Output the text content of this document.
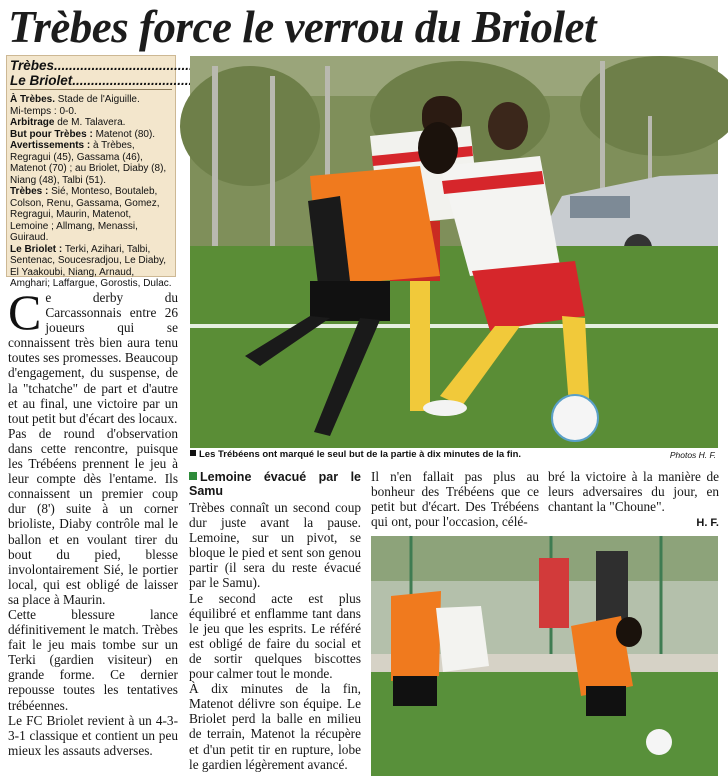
Trèbes force le verrou du Briolet
Trèbes
.....
Le Briolet
.....

À Trèbes. Stade de l'Aiguille.

Mi-temps : 0-0.

Arbitrage de M. Talavera.

But pour Trèbes : Matenot (80).

Avertissements : à Trèbes, Regragui (45), Gassama (46), Matenot (70) ; au Briolet, Diaby (8), Niang (48), Talbi (51).

Trèbes : Sié, Monteso, Boutaleb, Colson, Renu, Gassama, Gomez, Regragui, Maurin, Matenot, Lemoine ; Allmang, Menassi, Guiraud.

Le Briolet : Terki, Azihari, Talbi, Sentenac, Soucesradjou, Le Diaby, El Yaakoubi, Niang, Arnaud, Amghari; Laffargue, Gorostis, Dulac.

Les Trébéens ont marqué le seul but de la partie à dix minutes de la fin.	Photos H. F.

Ce derby du Carcassonnais entre 26 joueurs qui se connaissent très bien aura tenu toutes ses promesses. Beaucoup d'engagement, du suspense, de la "tchatche" de part et d'autre et au final, une victoire par un tout petit but d'écart des locaux.

Pas de round d'observation dans cette rencontre, puisque les Trébéens prennent le jeu à leur compte dès l'entame. Ils connaissent un premier coup dur (8') suite à un corner brioliste, Diaby contrôle mal le ballon et en voulant tirer du bout du pied, blesse involontairement Sié, le portier local, qui est obligé de laisser sa place à Maurin.

Cette blessure lance définitivement le match. Trèbes fait le jeu mais tombe sur un Terki (gardien visiteur) en grande forme. Ce dernier repousse toutes les tentatives trébéennes.

Le FC Briolet revient à un 4-3-3-1 classique et contient un peu mieux les assauts adverses.

Lemoine évacué par le Samu

Trèbes connaît un second coup dur juste avant la pause. Lemoine, sur un pivot, se bloque le pied et sent son genou partir (il sera du reste évacué par le Samu).

Le second acte est plus équilibré et enflamme tant dans le jeu que les esprits. Le référé est obligé de faire du social et de sortir quelques biscottes pour calmer tout le monde.

À dix minutes de la fin, Matenot délivre son équipe. Le Briolet perd la balle en milieu de terrain, Matenot la récupère et d'un petit tir en rupture, lobe le gardien légèrement avancé.

Il n'en fallait pas plus au bonheur des Trébéens que ce petit but d'écart. Des Trébéens qui ont, pour l'occasion, célé-

bré la victoire à la manière de leurs adversaires du jour, en chantant la "Choune".

H. F.
